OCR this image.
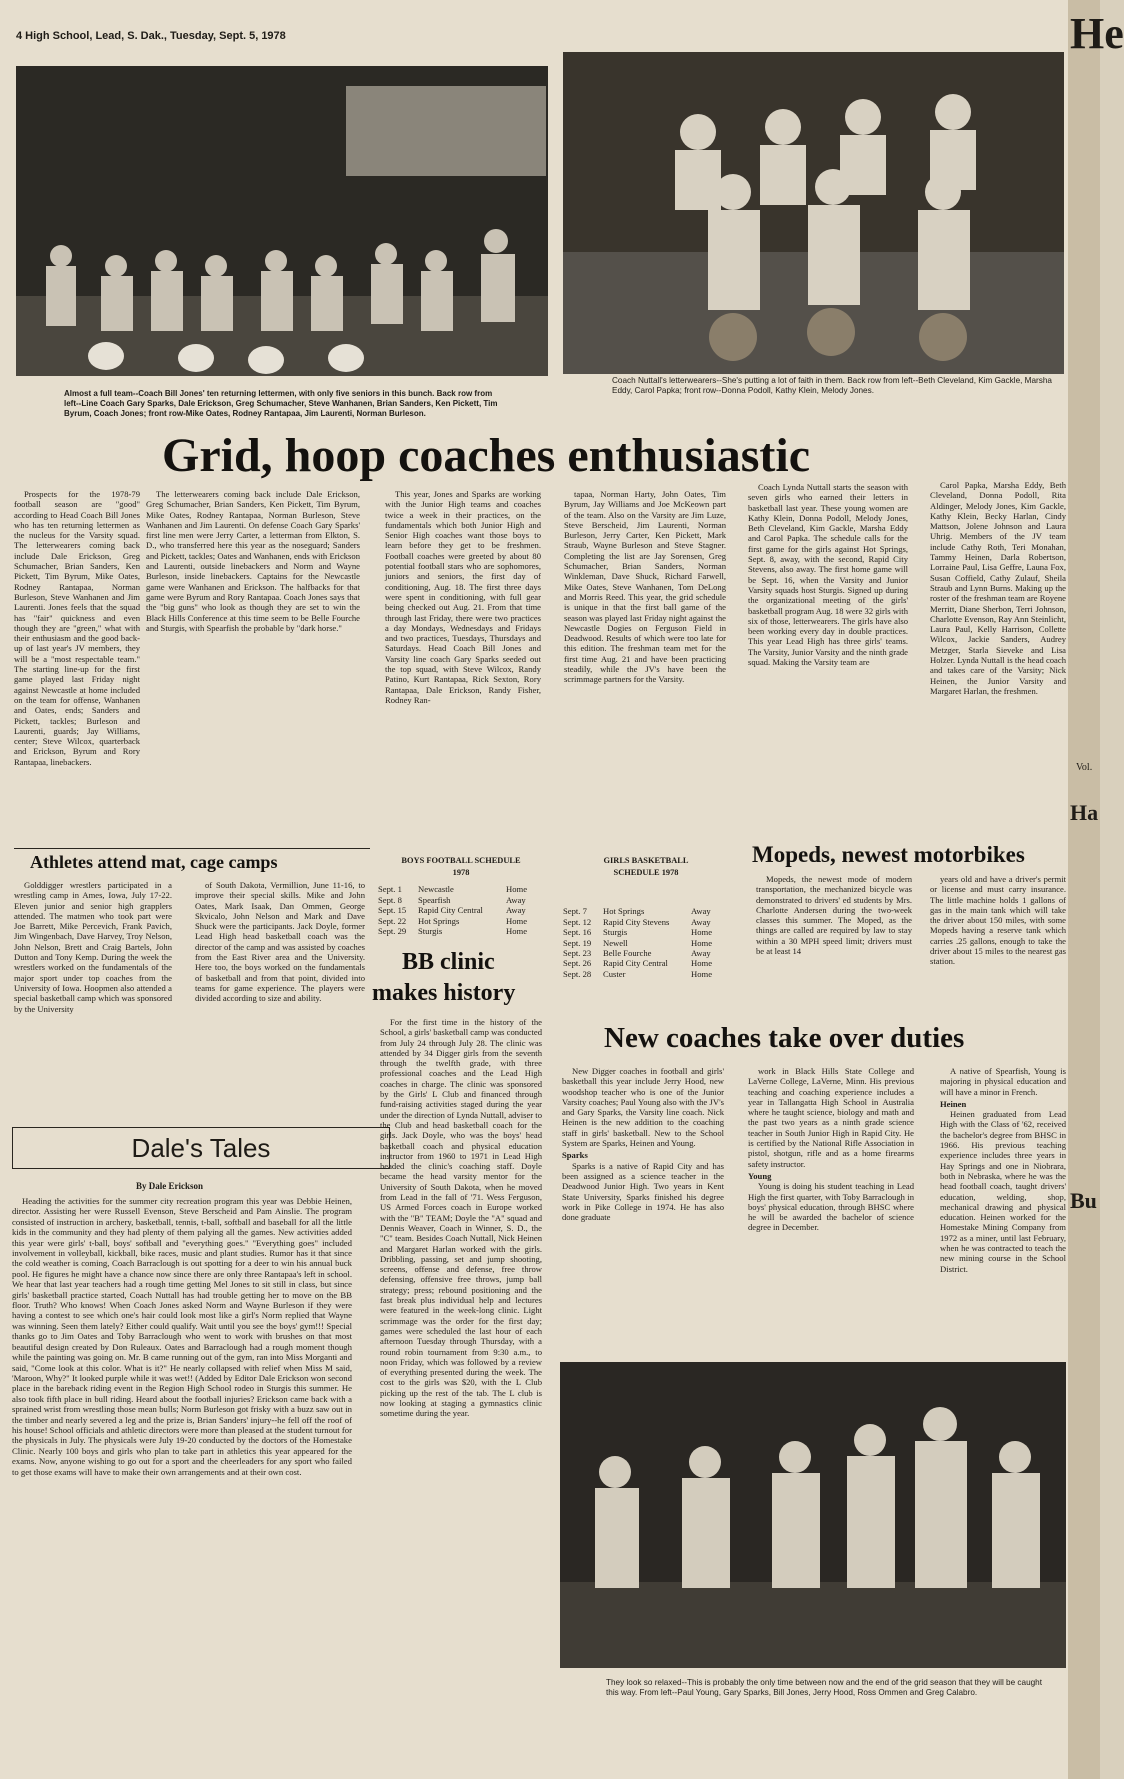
4 High School, Lead, S. Dak., Tuesday, Sept. 5, 1978
Almost a full team--Coach Bill Jones' ten returning lettermen, with only five seniors in this bunch. Back row from left--Line Coach Gary Sparks, Dale Erickson, Greg Schumacher, Steve Wanhanen, Brian Sanders, Ken Pickett, Tim Byrum, Coach Jones; front row-Mike Oates, Rodney Rantapaa, Jim Laurenti, Norman Burleson.
Coach Nuttall's letterwearers--She's putting a lot of faith in them. Back row from left--Beth Cleveland, Kim Gackle, Marsha Eddy, Carol Papka; front row--Donna Podoll, Kathy Klein, Melody Jones.
Grid, hoop coaches enthusiastic

Prospects for the 1978-79 football season are "good" according to Head Coach Bill Jones who has ten returning lettermen as the nucleus for the Varsity squad. The letterwearers coming back include Dale Erickson, Greg Schumacher, Brian Sanders, Ken Pickett, Tim Byrum, Mike Oates, Rodney Rantapaa, Norman Burleson, Steve Wanhanen and Jim Laurenti. Jones feels that the squad has "fair" quickness and even though they are "green," what with their enthusiasm and the good back-up of last year's JV members, they will be a "most respectable team." The starting line-up for the first game played last Friday night against Newcastle at home included on the team for offense, Wanhanen and Oates, ends; Sanders and Pickett, tackles; Burleson and Laurenti, guards; Jay Williams, center; Steve Wilcox, quarterback and Erickson, Byrum and Rory Rantapaa, linebackers.

The letterwearers coming back include Dale Erickson, Greg Schumacher, Brian Sanders, Ken Pickett, Tim Byrum, Mike Oates, Rodney Rantapaa, Norman Burleson, Steve Wanhanen and Jim Laurenti. On defense Coach Gary Sparks' first line men were Jerry Carter, a letterman from Elkton, S. D., who transferred here this year as the noseguard; Sanders and Pickett, tackles; Oates and Wanhanen, ends with Erickson and Laurenti, outside linebackers and Norm and Wayne Burleson, inside linebackers. Captains for the Newcastle game were Wanhanen and Erickson. The halfbacks for that game were Byrum and Rory Rantapaa. Coach Jones says that the "big guns" who look as though they are set to win the Black Hills Conference at this time seem to be Belle Fourche and Sturgis, with Spearfish the probable by "dark horse."

This year, Jones and Sparks are working with the Junior High teams and coaches twice a week in their practices, on the fundamentals which both Junior High and Senior High coaches want those boys to learn before they get to be freshmen. Football coaches were greeted by about 80 potential football stars who are sophomores, juniors and seniors, the first day of conditioning, Aug. 18. The first three days were spent in conditioning, with full gear being checked out Aug. 21. From that time through last Friday, there were two practices a day Mondays, Wednesdays and Fridays and two practices, Tuesdays, Thursdays and Saturdays. Head Coach Bill Jones and Varsity line coach Gary Sparks seeded out the top squad, with Steve Wilcox, Randy Patino, Kurt Rantapaa, Rick Sexton, Rory Rantapaa, Dale Erickson, Randy Fisher, Rodney Ran-

tapaa, Norman Harty, John Oates, Tim Byrum, Jay Williams and Joe McKeown part of the team. Also on the Varsity are Jim Luze, Steve Berscheid, Jim Laurenti, Norman Burleson, Jerry Carter, Ken Pickett, Mark Straub, Wayne Burleson and Steve Stagner. Completing the list are Jay Sorensen, Greg Schumacher, Brian Sanders, Norman Winkleman, Dave Shuck, Richard Farwell, Mike Oates, Steve Wanhanen, Tom DeLong and Morris Reed. This year, the grid schedule is unique in that the first ball game of the season was played last Friday night against the Newcastle Dogies on Ferguson Field in Deadwood. Results of which were too late for this edition. The freshman team met for the first time Aug. 21 and have been practicing steadily, while the JV's have been the scrimmage partners for the Varsity.

Coach Lynda Nuttall starts the season with seven girls who earned their letters in basketball last year. These young women are Kathy Klein, Donna Podoll, Melody Jones, Beth Cleveland, Kim Gackle, Marsha Eddy and Carol Papka. The schedule calls for the first game for the girls against Hot Springs, Sept. 8, away, with the second, Rapid City Stevens, also away. The first home game will be Sept. 16, when the Varsity and Junior Varsity squads host Sturgis. Signed up during the organizational meeting of the girls' basketball program Aug. 18 were 32 girls with six of those, letterwearers. The girls have also been working every day in double practices. This year Lead High has three girls' teams. The Varsity, Junior Varsity and the ninth grade squad. Making the Varsity team are

Carol Papka, Marsha Eddy, Beth Cleveland, Donna Podoll, Rita Aldinger, Melody Jones, Kim Gackle, Kathy Klein, Becky Harlan, Cindy Mattson, Jolene Johnson and Laura Uhrig. Members of the JV team include Cathy Roth, Teri Monahan, Tammy Heinen, Darla Robertson, Lorraine Paul, Lisa Geffre, Launa Fox, Susan Coffield, Cathy Zulauf, Sheila Straub and Lynn Burns. Making up the roster of the freshman team are Royene Merritt, Diane Sherbon, Terri Johnson, Charlotte Evenson, Ray Ann Steinlicht, Laura Paul, Kelly Harrison, Collette Wilcox, Jackie Sanders, Audrey Metzger, Starla Sieveke and Lisa Holzer. Lynda Nuttall is the head coach and takes care of the Varsity; Nick Heinen, the Junior Varsity and Margaret Harlan, the freshmen.

Athletes attend mat, cage camps

Golddigger wrestlers participated in a wrestling camp in Ames, Iowa, July 17-22. Eleven junior and senior high grapplers attended. The matmen who took part were Joe Barrett, Mike Percevich, Frank Pavich, Jim Wingenbach, Dave Harvey, Troy Nelson, John Nelson, Brett and Craig Bartels, John Dutton and Tony Kemp. During the week the wrestlers worked on the fundamentals of the major sport under top coaches from the University of Iowa. Hoopmen also attended a special basketball camp which was sponsored by the University

of South Dakota, Vermillion, June 11-16, to improve their special skills. Mike and John Oates, Mark Isaak, Dan Ommen, George Skvicalo, John Nelson and Mark and Dave Shuck were the participants. Jack Doyle, former Lead High head basketball coach was the director of the camp and was assisted by coaches from the East River area and the University. Here too, the boys worked on the fundamentals of basketball and from that point, divided into teams for game experience. The players were divided according to size and ability.

BOYS FOOTBALL SCHEDULE
1978
Sept. 1	Newcastle	Home
Sept. 8	Spearfish	Away
Sept. 15	Rapid City Central	Away
Sept. 22	Hot Springs	Home
Sept. 29	Sturgis	Home
GIRLS BASKETBALL
SCHEDULE 1978
Sept. 7	Hot Springs	Away
Sept. 12	Rapid City Stevens	Away
Sept. 16	Sturgis	Home
Sept. 19	Newell	Home
Sept. 23	Belle Fourche	Away
Sept. 26	Rapid City Central	Home
Sept. 28	Custer	Home
BB clinic
makes history

For the first time in the history of the School, a girls' basketball camp was conducted from July 24 through July 28. The clinic was attended by 34 Digger girls from the seventh through the twelfth grade, with three professional coaches and the Lead High coaches in charge. The clinic was sponsored by the Girls' L Club and financed through fund-raising activities staged during the year under the direction of Lynda Nuttall, adviser to the Club and head basketball coach for the girls. Jack Doyle, who was the boys' head basketball coach and physical education instructor from 1960 to 1971 in Lead High headed the clinic's coaching staff. Doyle became the head varsity mentor for the University of South Dakota, when he moved from Lead in the fall of '71. Wess Ferguson, US Armed Forces coach in Europe worked with the "B" TEAM; Doyle the "A" squad and Dennis Weaver, Coach in Winner, S. D., the "C" team. Besides Coach Nuttall, Nick Heinen and Margaret Harlan worked with the girls. Dribbling, passing, set and jump shooting, screens, offense and defense, free throw defensing, offensive free throws, jump ball strategy; press; rebound positioning and the fast break plus individual help and lectures were featured in the week-long clinic. Light scrimmage was the order for the first day; games were scheduled the last hour of each afternoon Tuesday through Thursday, with a round robin tournament from 9:30 a.m., to noon Friday, which was followed by a review of everything presented during the week. The cost to the girls was $20, with the L Club picking up the rest of the tab. The L club is now looking at staging a gymnastics clinic sometime during the year.

Mopeds, newest motorbikes

Mopeds, the newest mode of modern transportation, the mechanized bicycle was demonstrated to drivers' ed students by Mrs. Charlotte Andersen during the two-week classes this summer. The Moped, as the things are called are required by law to stay within a 30 MPH speed limit; drivers must be at least 14

years old and have a driver's permit or license and must carry insurance. The little machine holds 1 gallons of gas in the main tank which will take the driver about 150 miles, with some Mopeds having a reserve tank which carries .25 gallons, enough to take the driver about 15 miles to the nearest gas station.

New coaches take over duties

New Digger coaches in football and girls' basketball this year include Jerry Hood, new woodshop teacher who is one of the Junior Varsity coaches; Paul Young also with the JV's and Gary Sparks, the Varsity line coach. Nick Heinen is the new addition to the coaching staff in girls' basketball. New to the School System are Sparks, Heinen and Young.

Sparks

Sparks is a native of Rapid City and has been assigned as a science teacher in the Deadwood Junior High. Two years in Kent State University, Sparks finished his degree work in Pike College in 1974. He has also done graduate

work in Black Hills State College and LaVerne College, LaVerne, Minn. His previous teaching and coaching experience includes a year in Tallangatta High School in Australia where he taught science, biology and math and the past two years as a ninth grade science teacher in South Junior High in Rapid City. He is certified by the National Rifle Association in pistol, shotgun, rifle and as a home firearms safety instructor.

Young

Young is doing his student teaching in Lead High the first quarter, with Toby Barraclough in boys' physical education, through BHSC where he will be awarded the bachelor of science degree in December.

A native of Spearfish, Young is majoring in physical education and will have a minor in French.

Heinen

Heinen graduated from Lead High with the Class of '62, received the bachelor's degree from BHSC in 1966. His previous teaching experience includes three years in Hay Springs and one in Niobrara, both in Nebraska, where he was the head football coach, taught drivers' education, welding, shop, mechanical drawing and physical education. Heinen worked for the Homestake Mining Company from 1972 as a miner, until last February, when he was contracted to teach the new mining course in the School District.

They look so relaxed--This is probably the only time between now and the end of the grid season that they will be caught this way. From left--Paul Young, Gary Sparks, Bill Jones, Jerry Hood, Ross Ommen and Greg Calabro.
Dale's Tales
By Dale Erickson

Heading the activities for the summer city recreation program this year was Debbie Heinen, director. Assisting her were Russell Evenson, Steve Berscheid and Pam Ainslie. The program consisted of instruction in archery, basketball, tennis, t-ball, softball and baseball for all the little kids in the community and they had plenty of them palying all the games. New activities added this year were girls' t-ball, boys' softball and "everything goes." "Everything goes" included involvement in volleyball, kickball, bike races, music and plant studies. Rumor has it that since the cold weather is coming, Coach Barraclough is out spotting for a deer to win his annual buck pool. He figures he might have a chance now since there are only three Rantapaa's left in school. We hear that last year teachers had a rough time getting Mel Jones to sit still in class, but since girls' basketball practice started, Coach Nuttall has had trouble getting her to move on the BB floor. Truth? Who knows! When Coach Jones asked Norm and Wayne Burleson if they were having a contest to see which one's hair could look most like a girl's Norm replied that Wayne was winning. Seen them lately? Either could qualify. Wait until you see the boys' gym!!! Special thanks go to Jim Oates and Toby Barraclough who went to work with brushes on that most beautiful design created by Don Ruleaux. Oates and Barraclough had a rough moment though while the painting was going on. Mr. B came running out of the gym, ran into Miss Morganti and said, "Come look at this color. What is it?" He nearly collapsed with relief when Miss M said, 'Maroon, Why?" It looked purple while it was wet!! (Added by Editor Dale Erickson won second place in the bareback riding event in the Region High School rodeo in Sturgis this summer. He also took fifth place in bull riding. Heard about the football injuries? Erickson came back with a sprained wrist from wrestling those mean bulls; Norm Burleson got frisky with a buzz saw out in the timber and nearly severed a leg and the prize is, Brian Sanders' injury--he fell off the roof of his house! School officials and athletic directors were more than pleased at the student turnout for the physicals in July. The physicals were July 19-20 conducted by the doctors of the Homestake Clinic. Nearly 100 boys and girls who plan to take part in athletics this year appeared for the exams. Now, anyone wishing to go out for a sport and the cheerleaders for any sport who failed to get those exams will have to make their own arrangements and at their own cost.

He
Vol.
Ha
Bu
